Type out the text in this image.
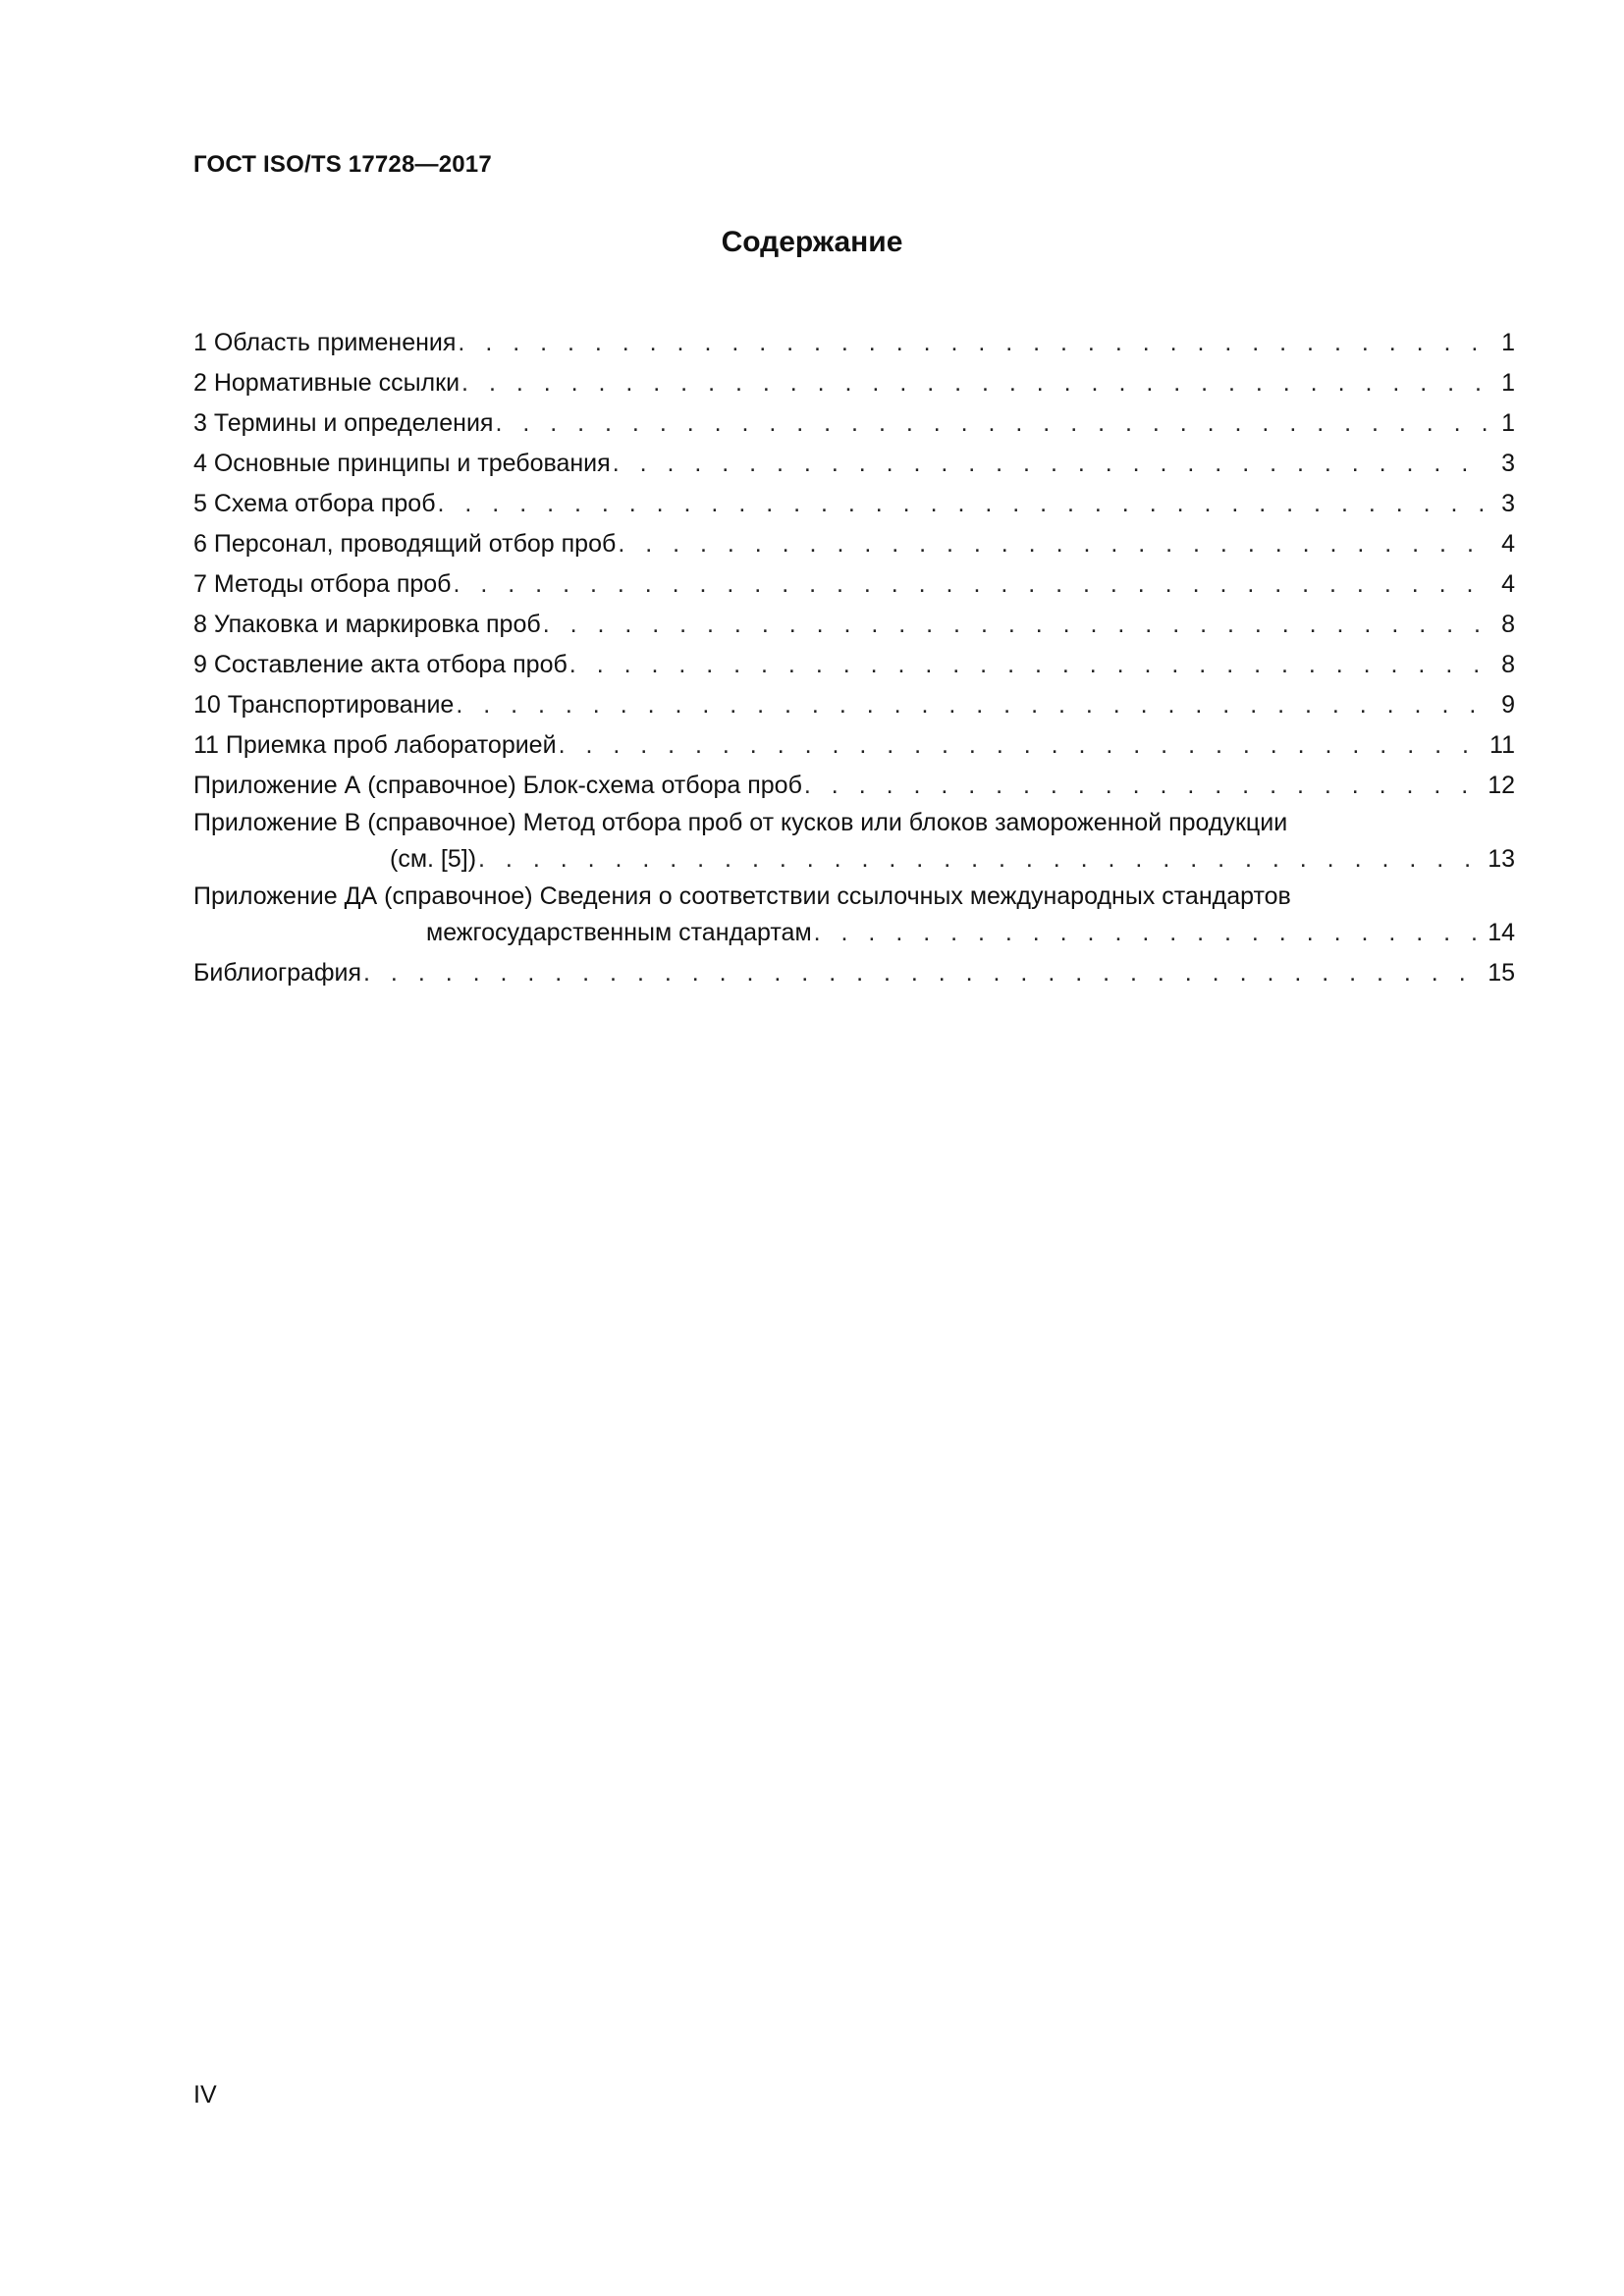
ГОСТ ISO/TS 17728—2017
Содержание
1 Область применения . . .	1
2 Нормативные ссылки . . .	1
3 Термины и определения . . .	1
4 Основные принципы и требования . . .	3
5 Схема отбора проб . . .	3
6 Персонал, проводящий отбор проб . . .	4
7 Методы отбора проб . . .	4
8 Упаковка и маркировка проб . . .	8
9 Составление акта отбора проб . . .	8
10 Транспортирование . . .	9
11 Приемка проб лабораторией . . .	11
Приложение А (справочное) Блок-схема отбора проб . . .	12
Приложение В (справочное) Метод отбора проб от кусков или блоков замороженной продукции
(см. [5]) . . .	13
Приложение ДА (справочное) Сведения о соответствии ссылочных международных стандартов
межгосударственным стандартам . . .	14
Библиография . . .	15
IV
